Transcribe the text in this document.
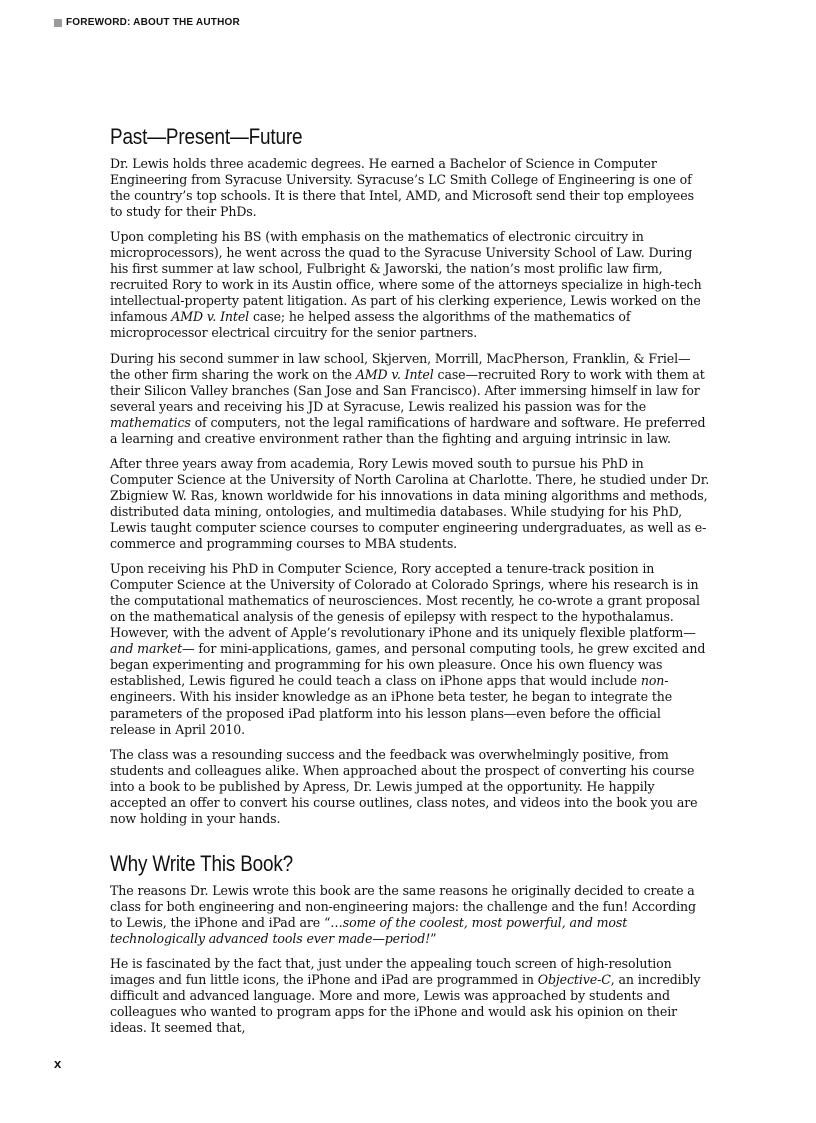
FOREWORD: ABOUT THE AUTHOR
Past—Present—Future

Dr. Lewis holds three academic degrees. He earned a Bachelor of Science in Computer Engineering from Syracuse University. Syracuse’s LC Smith College of Engineering is one of the country’s top schools. It is there that Intel, AMD, and Microsoft send their top employees to study for their PhDs.

Upon completing his BS (with emphasis on the mathematics of electronic circuitry in microprocessors), he went across the quad to the Syracuse University School of Law. During his first summer at law school, Fulbright & Jaworski, the nation’s most prolific law firm, recruited Rory to work in its Austin office, where some of the attorneys specialize in high-tech intellectual-property patent litigation. As part of his clerking experience, Lewis worked on the infamous AMD v. Intel case; he helped assess the algorithms of the mathematics of microprocessor electrical circuitry for the senior partners.

During his second summer in law school, Skjerven, Morrill, MacPherson, Franklin, & Friel—the other firm sharing the work on the AMD v. Intel case—recruited Rory to work with them at their Silicon Valley branches (San Jose and San Francisco). After immersing himself in law for several years and receiving his JD at Syracuse, Lewis realized his passion was for the mathematics of computers, not the legal ramifications of hardware and software. He preferred a learning and creative environment rather than the fighting and arguing intrinsic in law.

After three years away from academia, Rory Lewis moved south to pursue his PhD in Computer Science at the University of North Carolina at Charlotte. There, he studied under Dr. Zbigniew W. Ras, known worldwide for his innovations in data mining algorithms and methods, distributed data mining, ontologies, and multimedia databases. While studying for his PhD, Lewis taught computer science courses to computer engineering undergraduates, as well as e-commerce and programming courses to MBA students.

Upon receiving his PhD in Computer Science, Rory accepted a tenure-track position in Computer Science at the University of Colorado at Colorado Springs, where his research is in the computational mathematics of neurosciences. Most recently, he co-wrote a grant proposal on the mathematical analysis of the genesis of epilepsy with respect to the hypothalamus. However, with the advent of Apple’s revolutionary iPhone and its uniquely flexible platform—and market— for mini-applications, games, and personal computing tools, he grew excited and began experimenting and programming for his own pleasure. Once his own fluency was established, Lewis figured he could teach a class on iPhone apps that would include non-engineers. With his insider knowledge as an iPhone beta tester, he began to integrate the parameters of the proposed iPad platform into his lesson plans—even before the official release in April 2010.

The class was a resounding success and the feedback was overwhelmingly positive, from students and colleagues alike. When approached about the prospect of converting his course into a book to be published by Apress, Dr. Lewis jumped at the opportunity. He happily accepted an offer to convert his course outlines, class notes, and videos into the book you are now holding in your hands.

Why Write This Book?

The reasons Dr. Lewis wrote this book are the same reasons he originally decided to create a class for both engineering and non-engineering majors: the challenge and the fun! According to Lewis, the iPhone and iPad are “…some of the coolest, most powerful, and most technologically advanced tools ever made—period!”

He is fascinated by the fact that, just under the appealing touch screen of high-resolution images and fun little icons, the iPhone and iPad are programmed in Objective-C, an incredibly difficult and advanced language. More and more, Lewis was approached by students and colleagues who wanted to program apps for the iPhone and would ask his opinion on their ideas. It seemed that,

x
